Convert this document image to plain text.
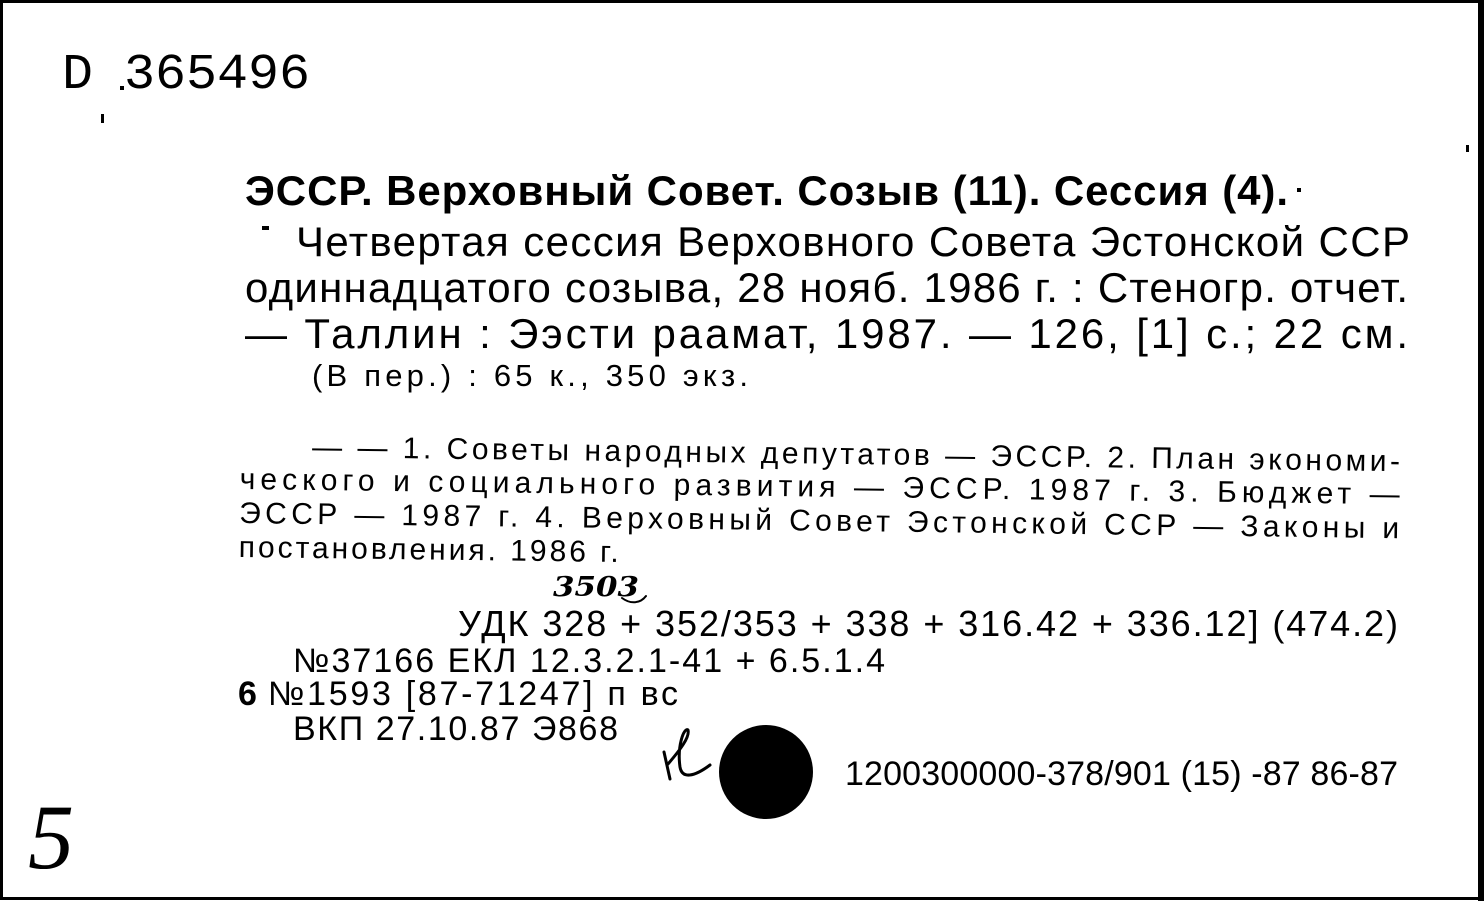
D 365496
ЭССР. Верховный Совет. Созыв (11). Сессия (4).
Четвертая сессия Верховного Совета Эстонской ССР
одиннадцатого созыва, 28 нояб. 1986 г. : Стеногр. отчет.
— Таллин : Ээсти раамат, 1987. — 126, [1] с.; 22 см.
(В пер.) : 65 к., 350 экз.
— — 1. Советы народных депутатов — ЭССР. 2. План экономи-
ческого и социального развития — ЭССР. 1987 г. 3. Бюджет —
ЭССР — 1987 г. 4. Верховный Совет Эстонской ССР — Законы и
постановления. 1986 г.
3503
УДК 328 + 352/353 + 338 + 316.42 + 336.12] (474.2)
№37166 ЕКЛ 12.3.2.1-41 + 6.5.1.4
6 №1593 [87-71247] п вс
ВКП 27.10.87 Э868
1200300000-378/901 (15) -87 86-87
5
